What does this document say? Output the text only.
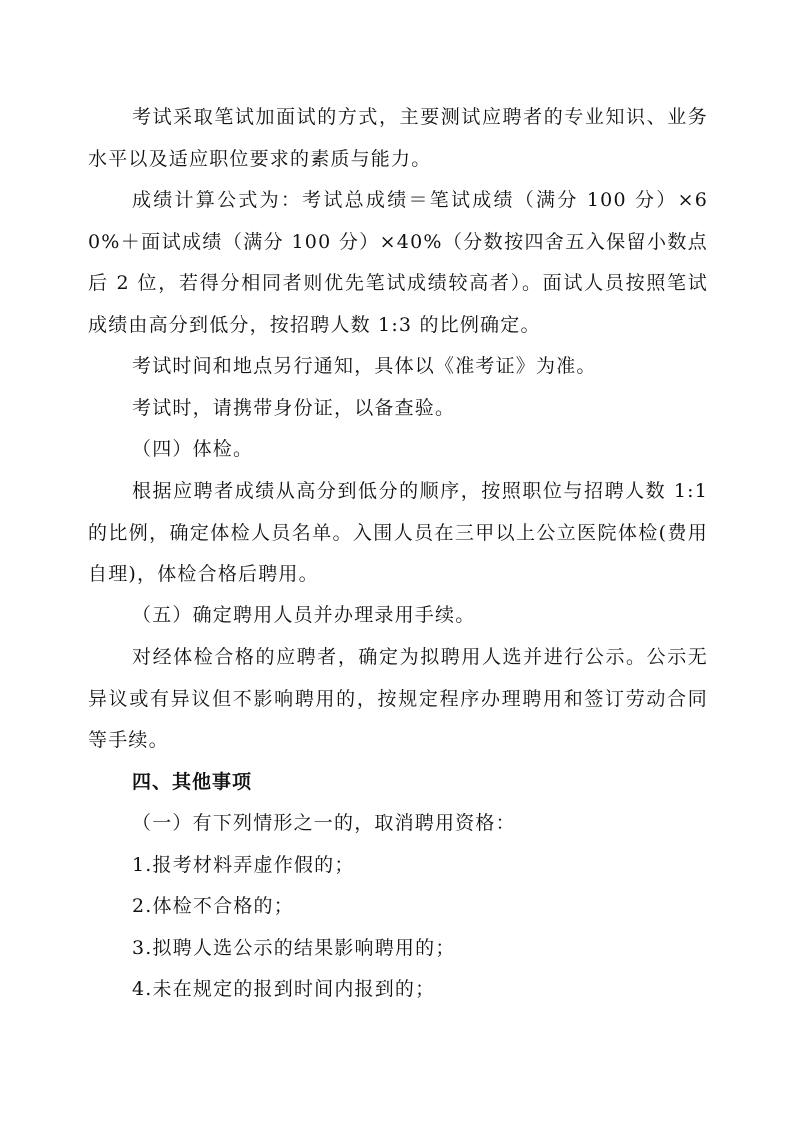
考试采取笔试加面试的方式，主要测试应聘者的专业知识、业务水平以及适应职位要求的素质与能力。

成绩计算公式为：考试总成绩＝笔试成绩（满分 100 分）×60%＋面试成绩（满分 100 分）×40%（分数按四舍五入保留小数点后 2 位，若得分相同者则优先笔试成绩较高者）。面试人员按照笔试成绩由高分到低分，按招聘人数 1:3 的比例确定。

考试时间和地点另行通知，具体以《准考证》为准。

考试时，请携带身份证，以备查验。

（四）体检。

根据应聘者成绩从高分到低分的顺序，按照职位与招聘人数 1:1 的比例，确定体检人员名单。入围人员在三甲以上公立医院体检(费用自理)，体检合格后聘用。

（五）确定聘用人员并办理录用手续。

对经体检合格的应聘者，确定为拟聘用人选并进行公示。公示无异议或有异议但不影响聘用的，按规定程序办理聘用和签订劳动合同等手续。

四、其他事项

（一）有下列情形之一的，取消聘用资格：

1.报考材料弄虚作假的；

2.体检不合格的；

3.拟聘人选公示的结果影响聘用的；

4.未在规定的报到时间内报到的；
